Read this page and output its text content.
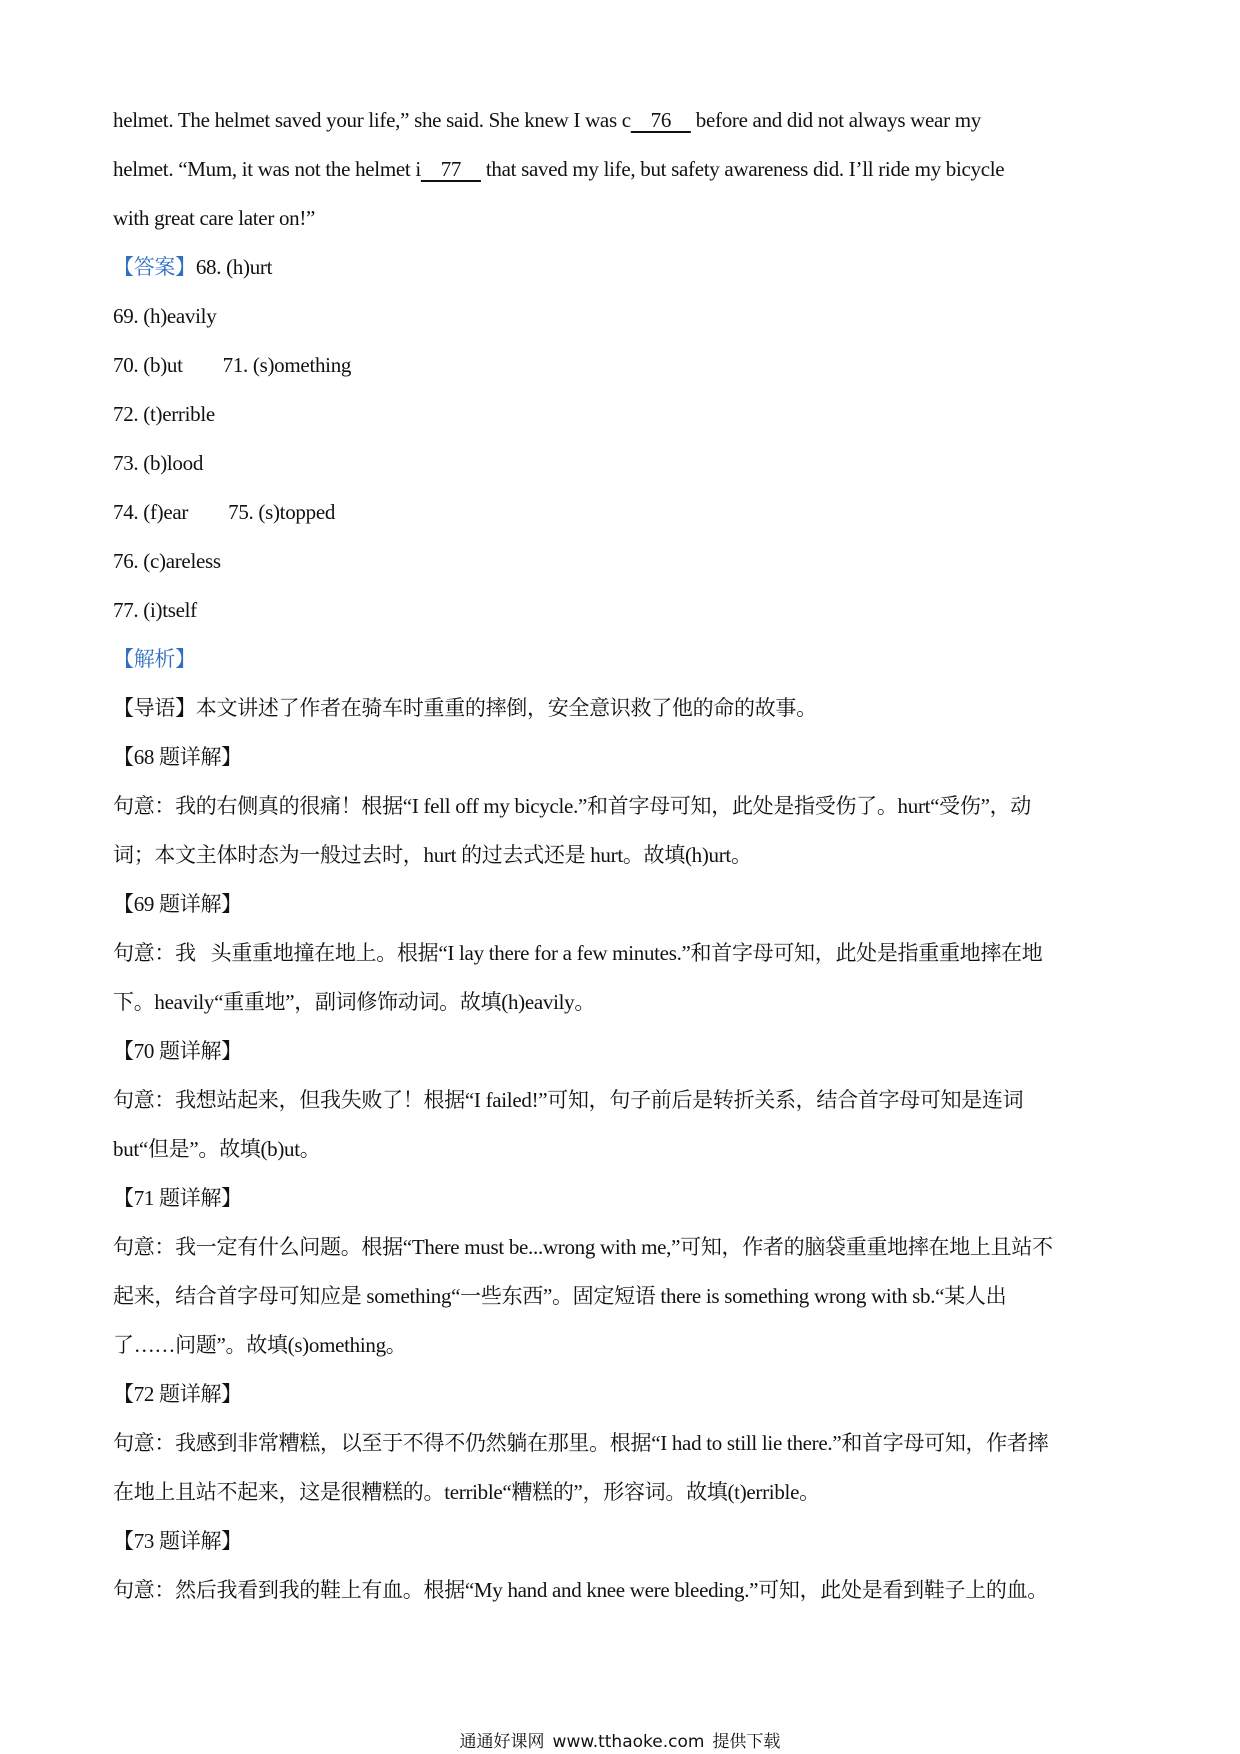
helmet. The helmet saved your life,” she said. She knew I was c    76     before and did not always wear my
helmet. “Mum, it was not the helmet i    77     that saved my life, but safety awareness did. I’ll ride my bicycle
with great care later on!”
【答案】68. (h)urt
69. (h)eavily
70. (b)ut 71. (s)omething
72. (t)errible
73. (b)lood
74. (f)ear 75. (s)topped
76. (c)areless
77. (i)tself
【解析】
【导语】本文讲述了作者在骑车时重重的摔倒，安全意识救了他的命的故事。
【68 题详解】
句意：我的右侧真的很痛！根据“I fell off my bicycle.”和首字母可知，此处是指受伤了。hurt“受伤”，动
词；本文主体时态为一般过去时，hurt 的过去式还是 hurt。故填(h)urt。
【69 题详解】
句意：我   头重重地撞在地上。根据“I lay there for a few minutes.”和首字母可知，此处是指重重地摔在地
下。heavily“重重地”，副词修饰动词。故填(h)eavily。
【70 题详解】
句意：我想站起来，但我失败了！根据“I failed!”可知，句子前后是转折关系，结合首字母可知是连词
but“但是”。故填(b)ut。
【71 题详解】
句意：我一定有什么问题。根据“There must be...wrong with me,”可知，作者的脑袋重重地摔在地上且站不
起来，结合首字母可知应是 something“一些东西”。固定短语 there is something wrong with sb.“某人出
了……问题”。故填(s)omething。
【72 题详解】
句意：我感到非常糟糕，以至于不得不仍然躺在那里。根据“I had to still lie there.”和首字母可知，作者摔
在地上且站不起来，这是很糟糕的。terrible“糟糕的”，形容词。故填(t)errible。
【73 题详解】
句意：然后我看到我的鞋上有血。根据“My hand and knee were bleeding.”可知，此处是看到鞋子上的血。
通通好课网 www.tthaoke.com 提供下载
